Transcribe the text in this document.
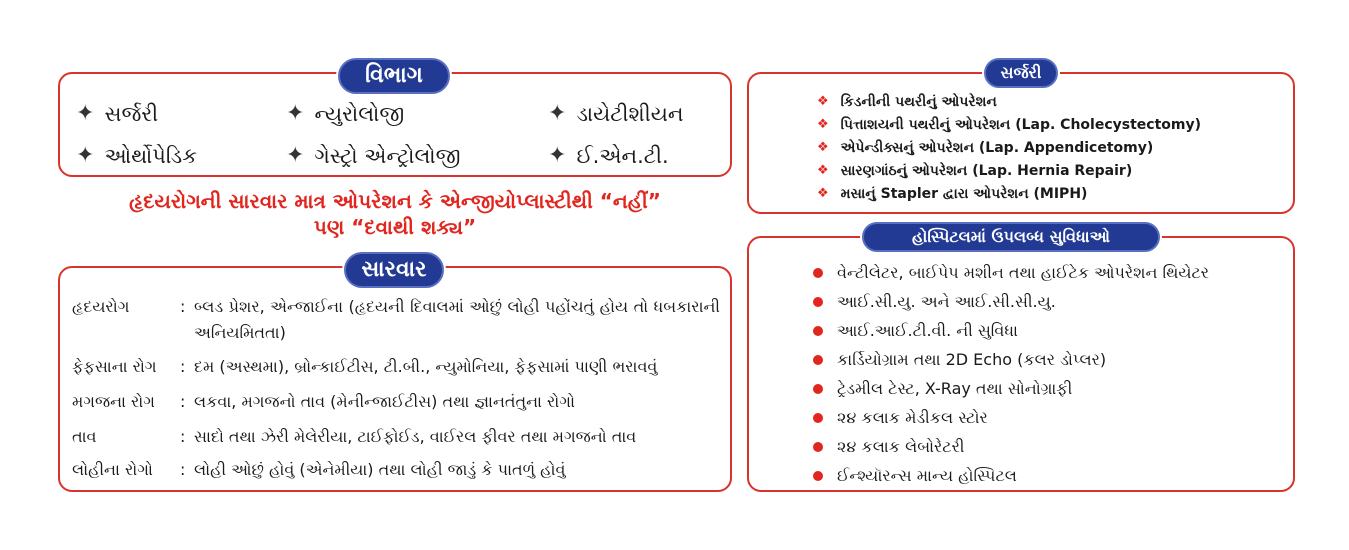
✦ સર્જરી	✦ ન્યુરોલોજી	✦ ડાયેટીશીયન
✦ ઓર્થોપેડિક	✦ ગેસ્ટ્રો એન્ટ્રોલોજી	✦ ઈ.એન.ટી.
વિભાગ
હૃદયરોગની સારવાર માત્ર ઓપરેશન કે એન્જીયોપ્લાસ્ટીથી “નહીં”
પણ “દવાથી શક્ય”
હૃદયરોગ	: બ્લડ પ્રેશર, એન્જાઈના (હૃદયની દિવાલમાં ઓછું લોહી પહોંચતું હોય તો ધબકારાની અનિયમિતતા)
ફેફસાના રોગ	: દમ (અસ્થમા), બ્રોન્કાઈટીસ, ટી.બી., ન્યુમોનિયા, ફેફસામાં પાણી ભરાવવું
મગજના રોગ	: લકવા, મગજનો તાવ (મેનીન્જાઈટીસ) તથા જ્ઞાનતંતુના રોગો
તાવ	: સાદો તથા ઝેરી મેલેરીયા, ટાઈફોઈડ, વાઈરલ ફીવર તથા મગજનો તાવ
લોહીના રોગો	: લોહી ઓછું હોવું (એનેમીયા) તથા લોહી જાડું કે પાતળું હોવું
સારવાર
❖ કિડનીની પથરીનું ઓપરેશન
❖ પિત્તાશયની પથરીનું ઓપરેશન (Lap. Cholecystectomy)
❖ એપેન્ડીક્સનું ઓપરેશન (Lap. Appendicetomy)
❖ સારણગાંઠનું ઓપરેશન (Lap. Hernia Repair)
❖ મસાનું Stapler દ્વારા ઓપરેશન (MIPH)
સર્જરી
વેન્ટીલેટર, બાઈપેપ મશીન તથા હાઈટેક ઓપરેશન થિયેટર
આઈ.સી.યુ. અને આઈ.સી.સી.યુ.
આઈ.આઈ.ટી.વી. ની સુવિધા
કાર્ડિયોગ્રામ તથા 2D Echo (કલર ડોપ્લર)
ટ્રેડમીલ ટેસ્ટ, X-Ray તથા સોનોગ્રાફી
૨૪ કલાક મેડીકલ સ્ટોર
૨૪ કલાક લેબોરેટરી
ઈન્શ્યૉરન્સ માન્ય હોસ્પિટલ
હોસ્પિટલમાં ઉપલબ્ધ સુવિધાઓ
